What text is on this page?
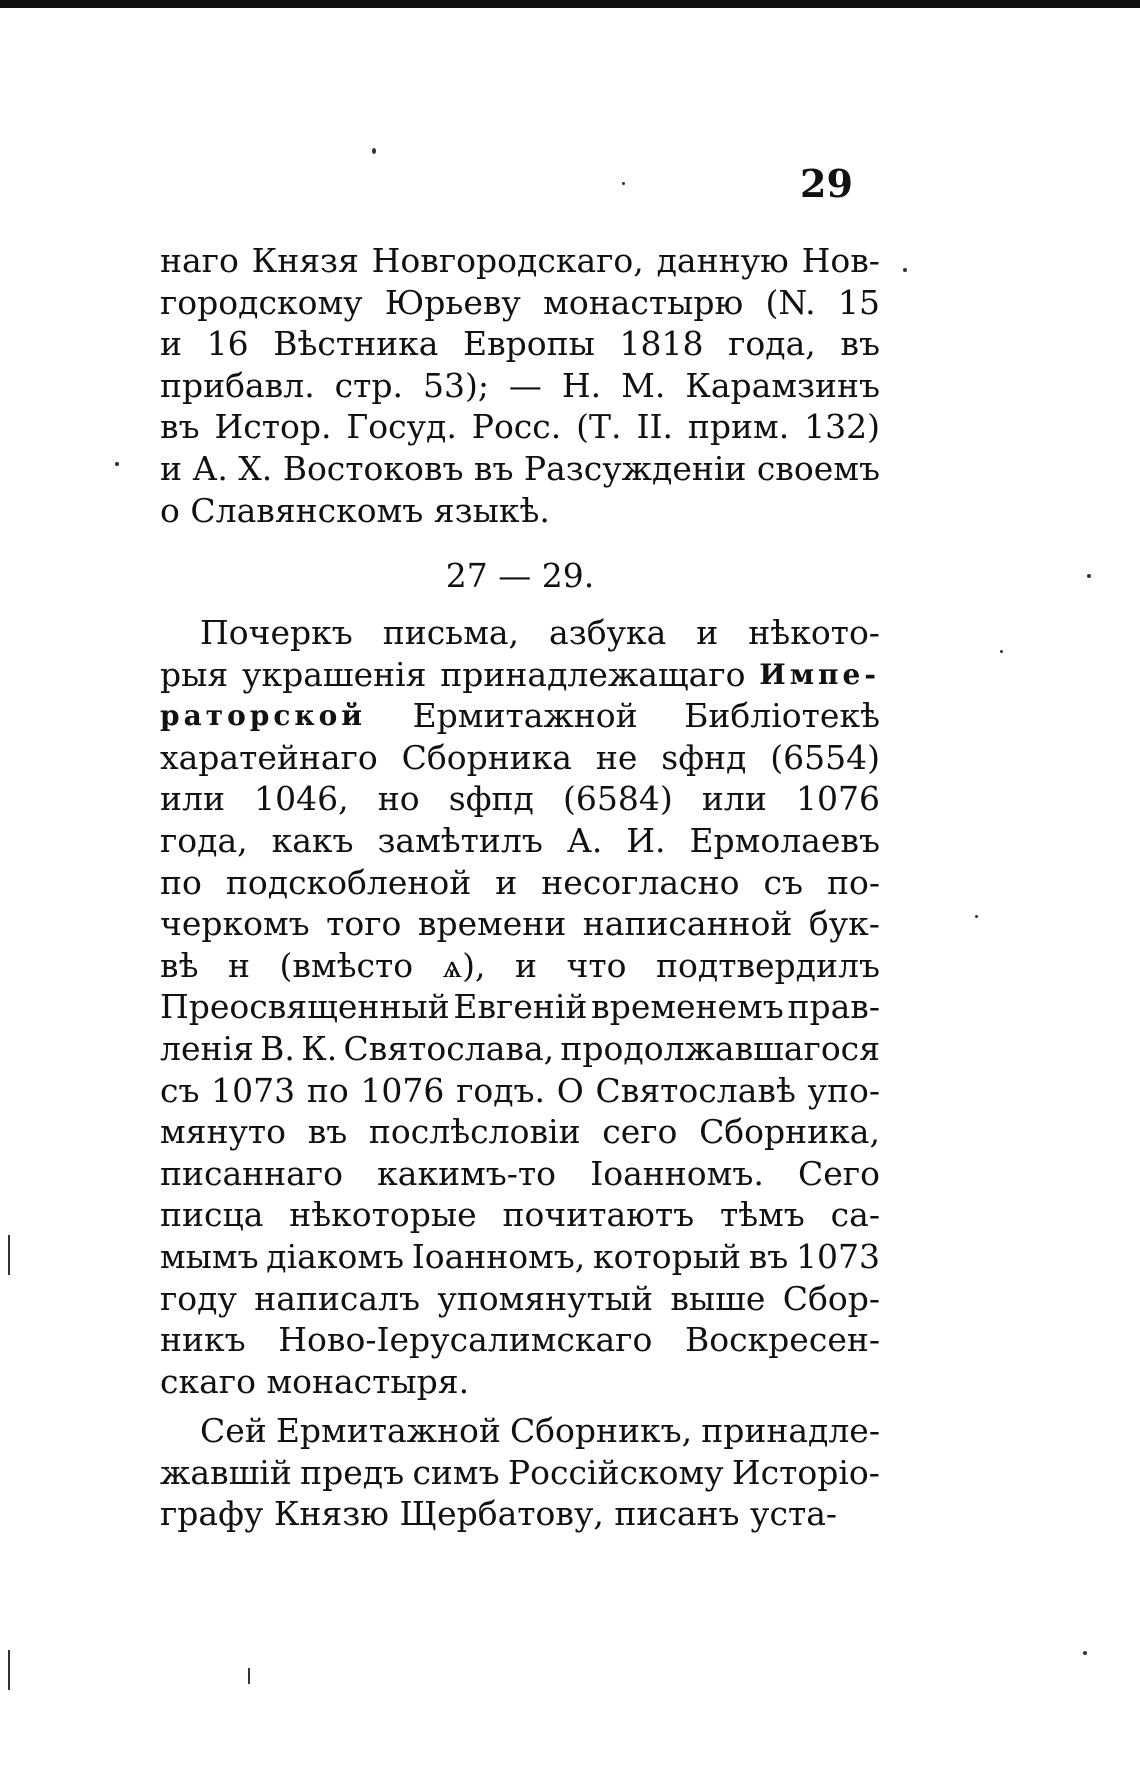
29
наго Князя Новгородскаго, данную Нов-
городскому Юрьеву монастырю (N. 15
и 16 Вѣстника Европы 1818 года, въ
прибавл. стр. 53); — Н. М. Карамзинъ
въ Истор. Госуд. Росс. (Т. II. прим. 132)
и А. Х. Востоковъ въ Разсужденіи своемъ
о
Славянскомъ
языкѣ.

27 — 29.
Почеркъ письма, азбука и нѣкото-
рыя украшенія принадлежащаго Импе-
раторской Ермитажной Библіотекѣ
харатейнаго Сборника не ѕфнд (6554)
или 1046, но ѕфпд (6584) или 1076
года, какъ замѣтилъ А. И. Ермолаевъ
по подскобленой и несогласно съ по-
черкомъ того времени написанной бук-
вѣ н (вмѣсто ѧ), и что подтвердилъ
Преосвященный Евгеній временемъ прав-
ленія В. К. Святослава, продолжавшагося
съ 1073 по 1076 годъ. О Святославѣ упо-
мянуто въ послѣсловіи сего Сборника,
писаннаго какимъ-то Іоанномъ. Сего
писца нѣкоторые почитаютъ тѣмъ са-
мымъ діакомъ Іоанномъ, который въ 1073
году написалъ упомянутый выше Сбор-
никъ Ново-Іерусалимскаго Воскресен-
скаго
монастыря.

Сей Ермитажной Сборникъ, принадле-
жавшій предъ симъ Россійскому Исторіо-
графу
Князю
Щербатову,
писанъ
уста-
